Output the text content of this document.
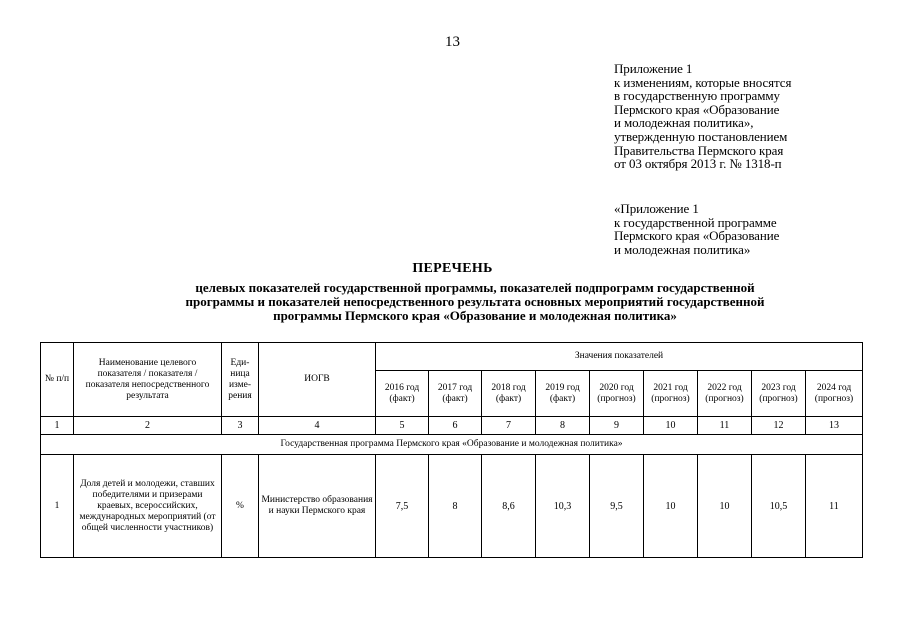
13
Приложение 1
к изменениям, которые вносятся
в государственную программу
Пермского края «Образование
и молодежная политика»,
утвержденную постановлением
Правительства Пермского края
от 03 октября 2013 г. № 1318-п
«Приложение 1
к государственной программе
Пермского края «Образование
и молодежная политика»
ПЕРЕЧЕНЬ
целевых показателей государственной программы, показателей подпрограмм государственной
программы и показателей непосредственного результата основных мероприятий государственной
программы Пермского края «Образование и молодежная политика»
№ п/п	Наименование целевого показателя / показателя / показателя непосредственного результата	Еди-ница изме-рения	ИОГВ	Значения показателей								
				2016 год (факт)	2017 год (факт)	2018 год (факт)	2019 год (факт)	2020 год (прогноз)	2021 год (прогноз)	2022 год (прогноз)	2023 год (прогноз)	2024 год (прогноз)
1	2	3	4	5	6	7	8	9	10	11	12	13
Государственная программа Пермского края «Образование и молодежная политика»												
1	Доля детей и молодежи, ставших победителями и призерами краевых, всероссийских, международных мероприятий (от общей численности участников)	%	Министерство образования и науки Пермского края	7,5	8	8,6	10,3	9,5	10	10	10,5	11
